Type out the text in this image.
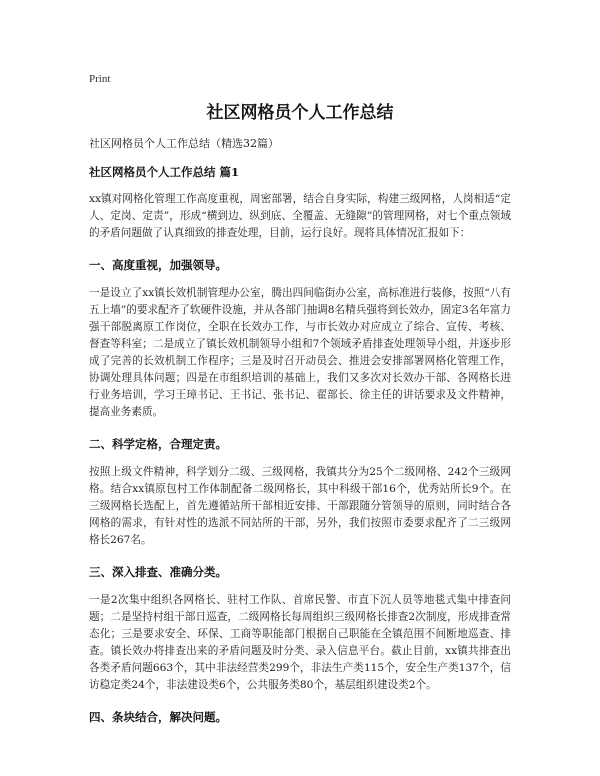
Print
社区网格员个人工作总结
社区网格员个人工作总结（精选32篇）
社区网格员个人工作总结 篇1

xx镇对网格化管理工作高度重视，周密部署，结合自身实际，构建三级网格，人岗相适“定人、定岗、定责”，形成“横到边、纵到底、全覆盖、无缝隙”的管理网格，对七个重点领域的矛盾问题做了认真细致的排查处理，目前，运行良好。现将具体情况汇报如下：

一、高度重视，加强领导。

一是设立了xx镇长效机制管理办公室，腾出四间临街办公室，高标准进行装修，按照“八有五上墙”的要求配齐了软硬件设施，并从各部门抽调8名精兵强将到长效办，固定3名年富力强干部脱离原工作岗位，全职在长效办工作，与市长效办对应成立了综合、宣传、考核、督查等科室；二是成立了镇长效机制领导小组和7个领域矛盾排查处理领导小组，并逐步形成了完善的长效机制工作程序；三是及时召开动员会、推进会安排部署网格化管理工作，协调处理具体问题；四是在市组织培训的基础上，我们又多次对长效办干部、各网格长进行业务培训，学习王璋书记、王书记、张书记、翟部长、徐主任的讲话要求及文件精神，提高业务素质。

二、科学定格，合理定责。

按照上级文件精神，科学划分二级、三级网格，我镇共分为25个二级网格、242个三级网格。结合xx镇原包村工作体制配备二级网格长，其中科级干部16个，优秀站所长9个。在三级网格长选配上，首先遵循站所干部相近安排、干部跟随分管领导的原则，同时结合各网格的需求，有针对性的选派不同站所的干部，另外，我们按照市委要求配齐了二三级网格长267名。

三、深入排查、准确分类。

一是2次集中组织各网格长、驻村工作队、首席民警、市直下沉人员等地毯式集中排查问题；二是坚持村组干部日巡查，二级网格长每周组织三级网格长排查2次制度，形成排查常态化；三是要求安全、环保、工商等职能部门根据自己职能在全镇范围不间断地巡查、排查。镇长效办将排查出来的矛盾问题及时分类、录入信息平台。截止目前，xx镇共排查出各类矛盾问题663个，其中非法经营类299个，非法生产类115个，安全生产类137个，信访稳定类24个，非法建设类6个，公共服务类80个，基层组织建设类2个。

四、条块结合，解决问题。
